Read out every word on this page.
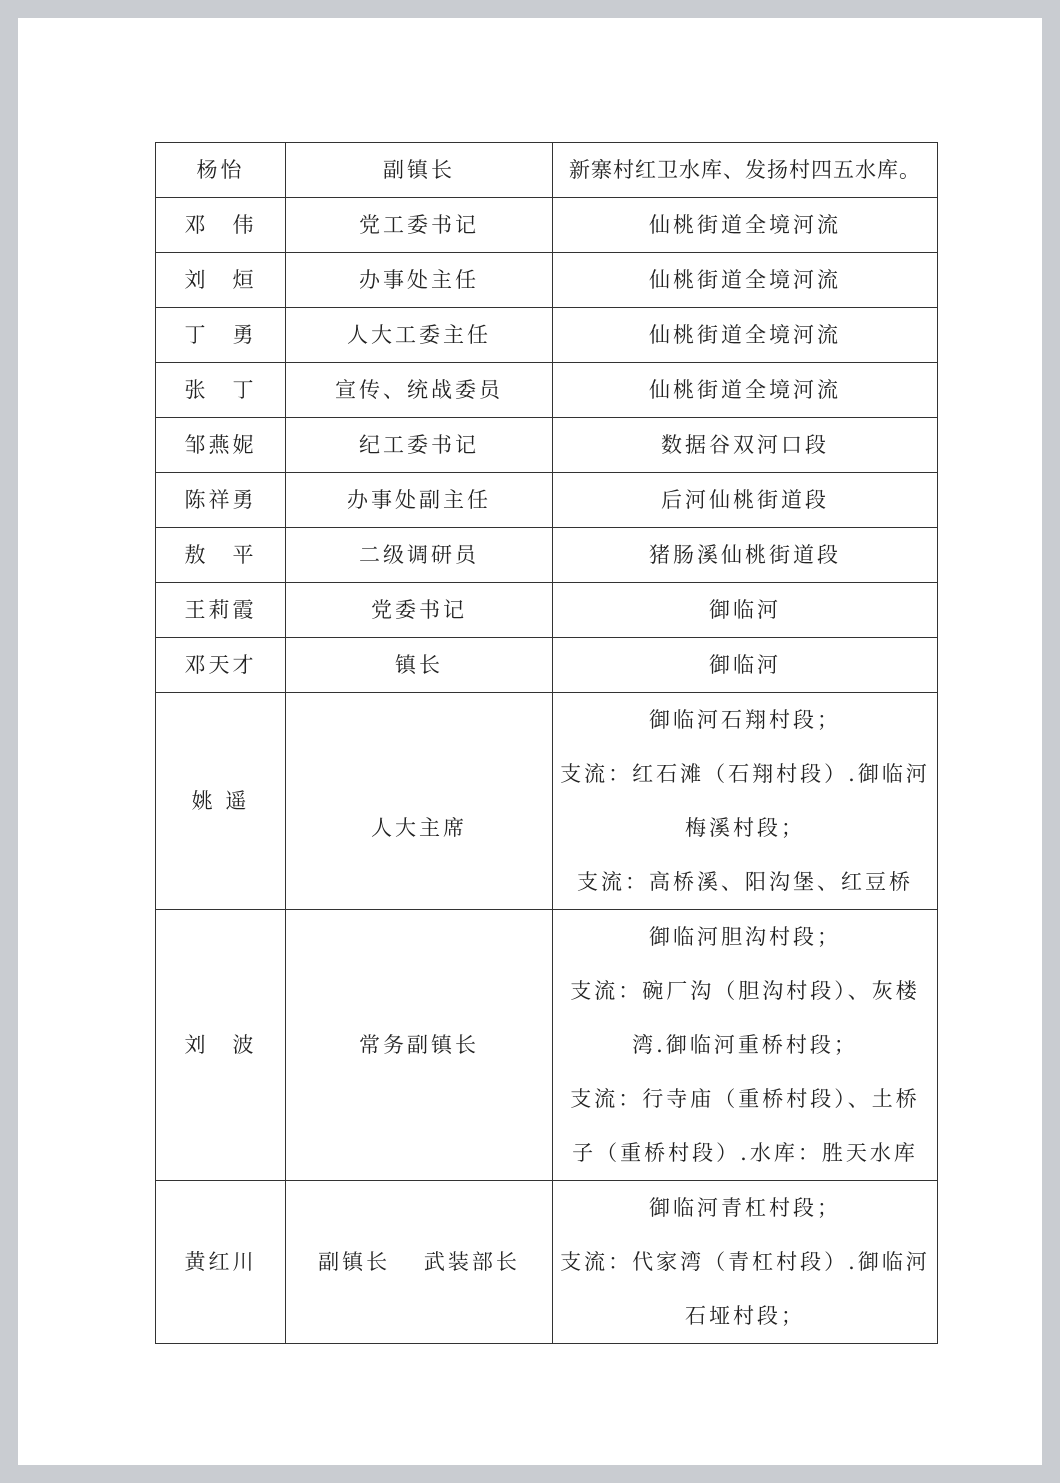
杨怡	副镇长	新寨村红卫水库、发扬村四五水库。

邓　伟	党工委书记	仙桃街道全境河流
刘　烜	办事处主任	仙桃街道全境河流
丁　勇	人大工委主任	仙桃街道全境河流
张　丁	宣传、统战委员	仙桃街道全境河流
邹燕妮	纪工委书记	数据谷双河口段
陈祥勇	办事处副主任	后河仙桃街道段
敖　平	二级调研员	猪肠溪仙桃街道段
王莉霞	党委书记	御临河
邓天才	镇长	御临河
姚 遥	人大主席	御临河石翔村段；
支流：红石滩（石翔村段）.御临河
梅溪村段；
支流：高桥溪、阳沟堡、红豆桥

刘　波	常务副镇长	御临河胆沟村段；
支流：碗厂沟（胆沟村段）、灰楼
湾.御临河重桥村段；
支流：行寺庙（重桥村段）、土桥
子（重桥村段）.水库：胜天水库

黄红川	副镇长　 武装部长	御临河青杠村段；
支流：代家湾（青杠村段）.御临河
石垭村段；
